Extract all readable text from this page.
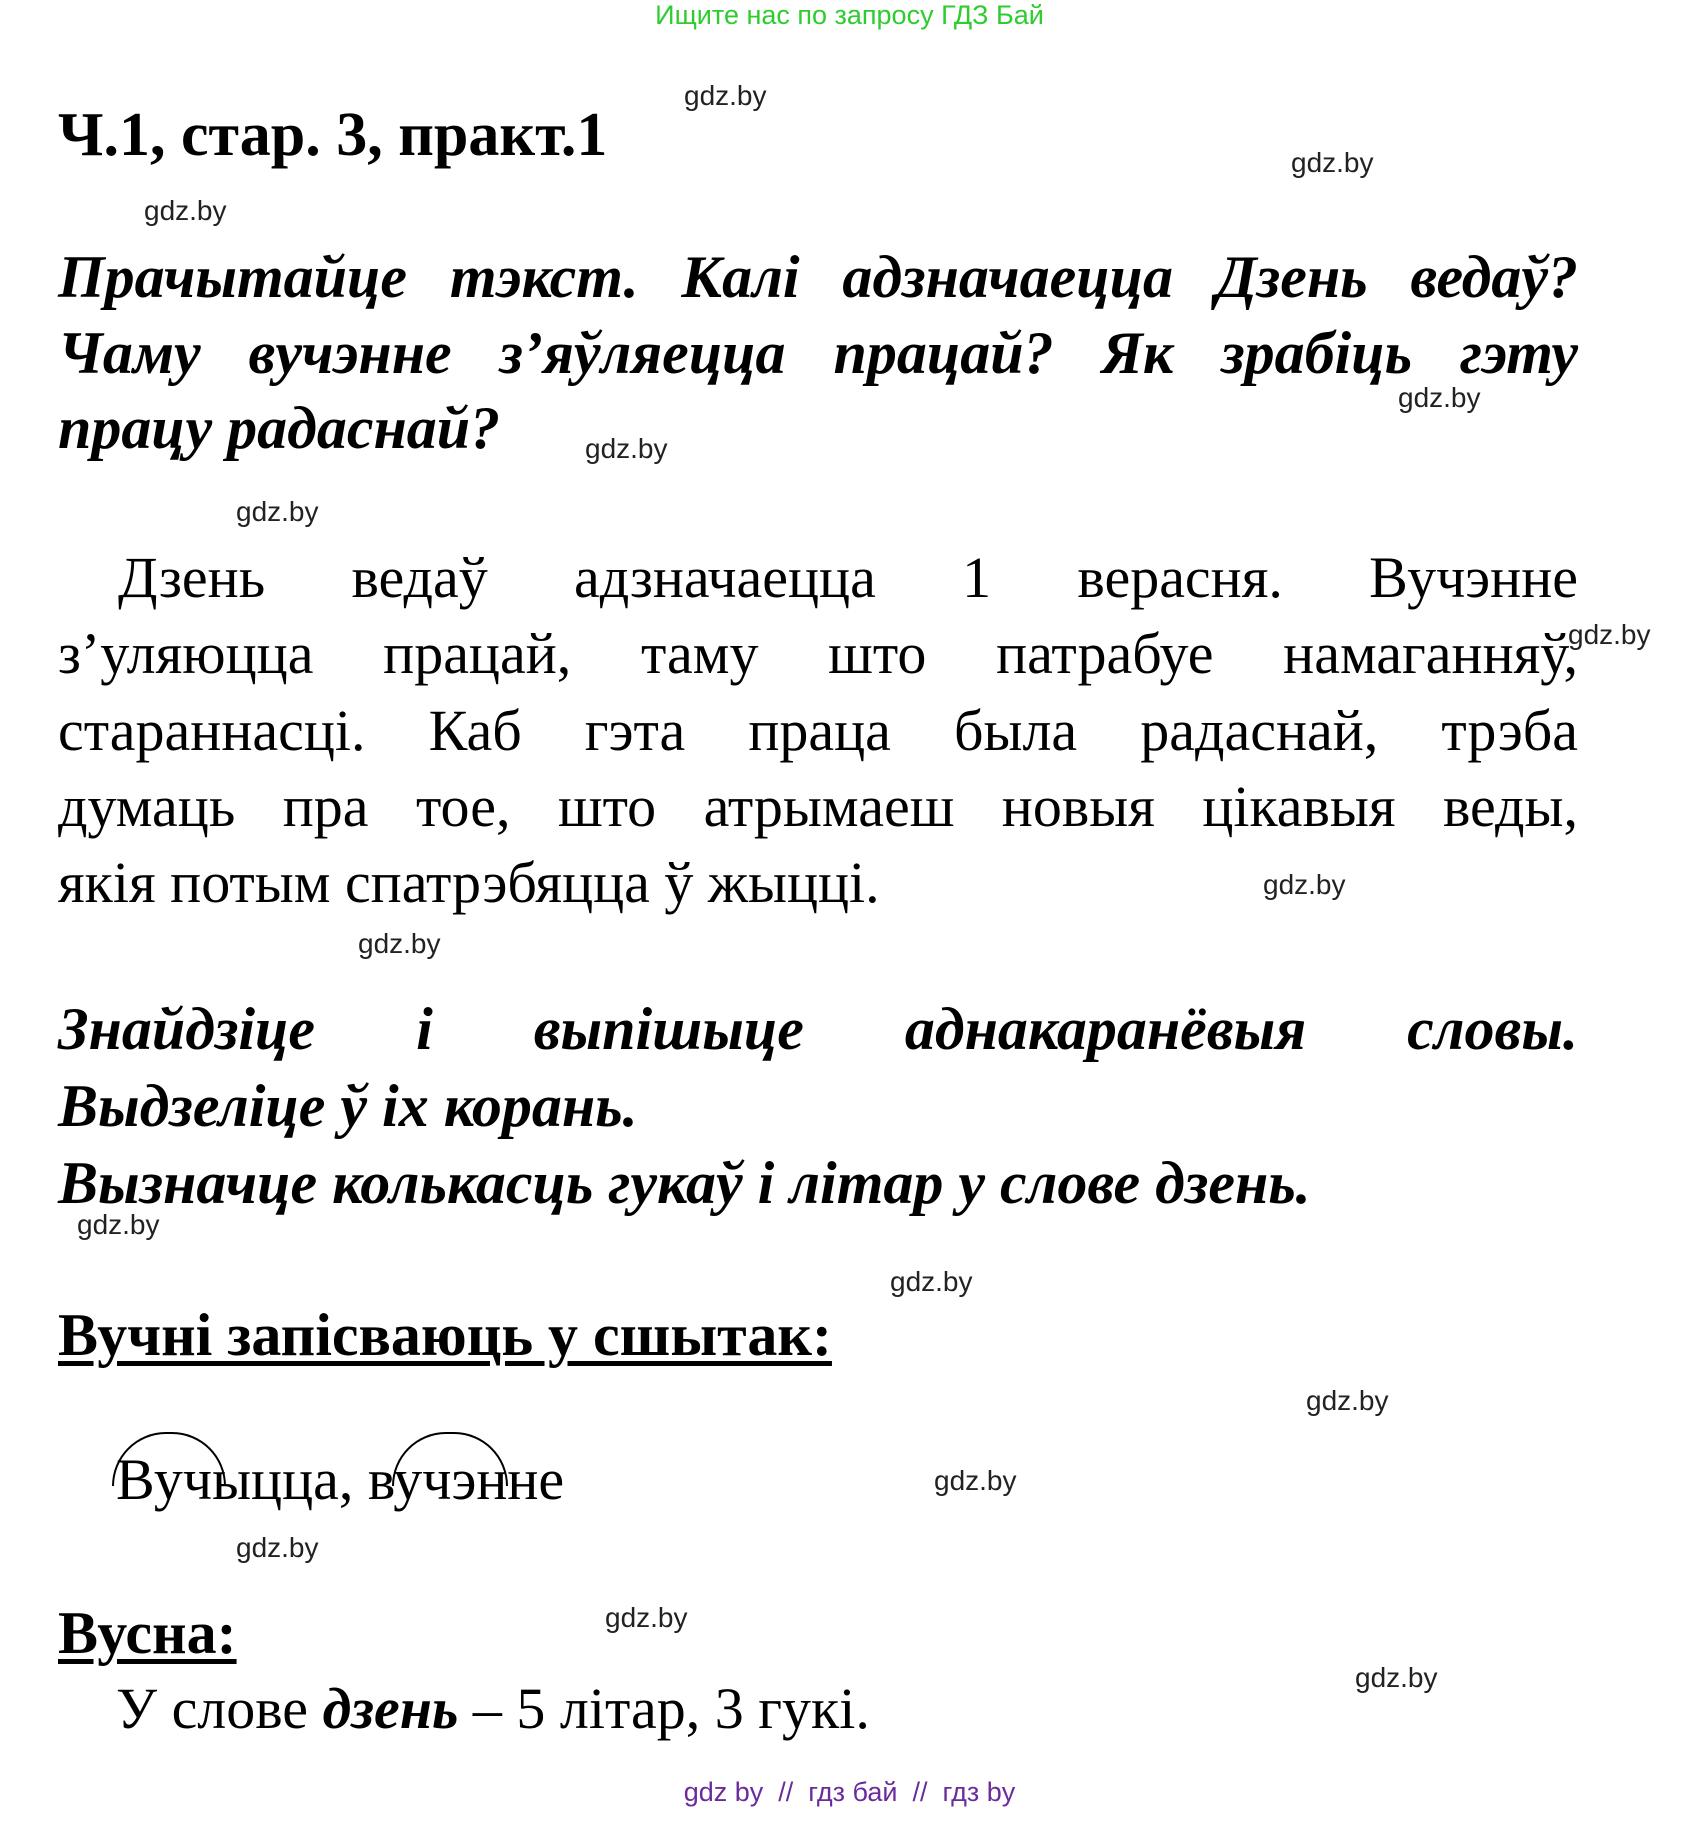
Ищите нас по запросу ГДЗ Бай
Ч.1, стар. 3, практ.1
Прачытайце тэкст. Калі адзначаецца Дзень ведаў?
Чаму вучэнне з’яўляецца працай? Як зрабіць гэту
працу радаснай?
Дзень ведаў адзначаецца 1 верасня. Вучэнне
з’уляюцца працай, таму што патрабуе намаганняў,
стараннасці. Каб гэта праца была радаснай, трэба
думаць пра тое, што атрымаеш новыя цікавыя веды,
якія потым спатрэбяцца ў жыцці.
Знайдзіце і выпішыце аднакаранёвыя словы.
Выдзеліце ў іх корань.
Вызначце колькасць гукаў і літар у слове дзень.
Вучні запісваюць у сшытак:
Вучыцца, вучэнне
Вусна:
У слове дзень – 5 літар, 3 гукі.
gdz.by
gdz.by
gdz.by
gdz.by
gdz.by
gdz.by
gdz.by
gdz.by
gdz.by
gdz.by
gdz.by
gdz.by
gdz.by
gdz.by
gdz.by
gdz.by
gdz by  //  гдз бай  //  гдз by
